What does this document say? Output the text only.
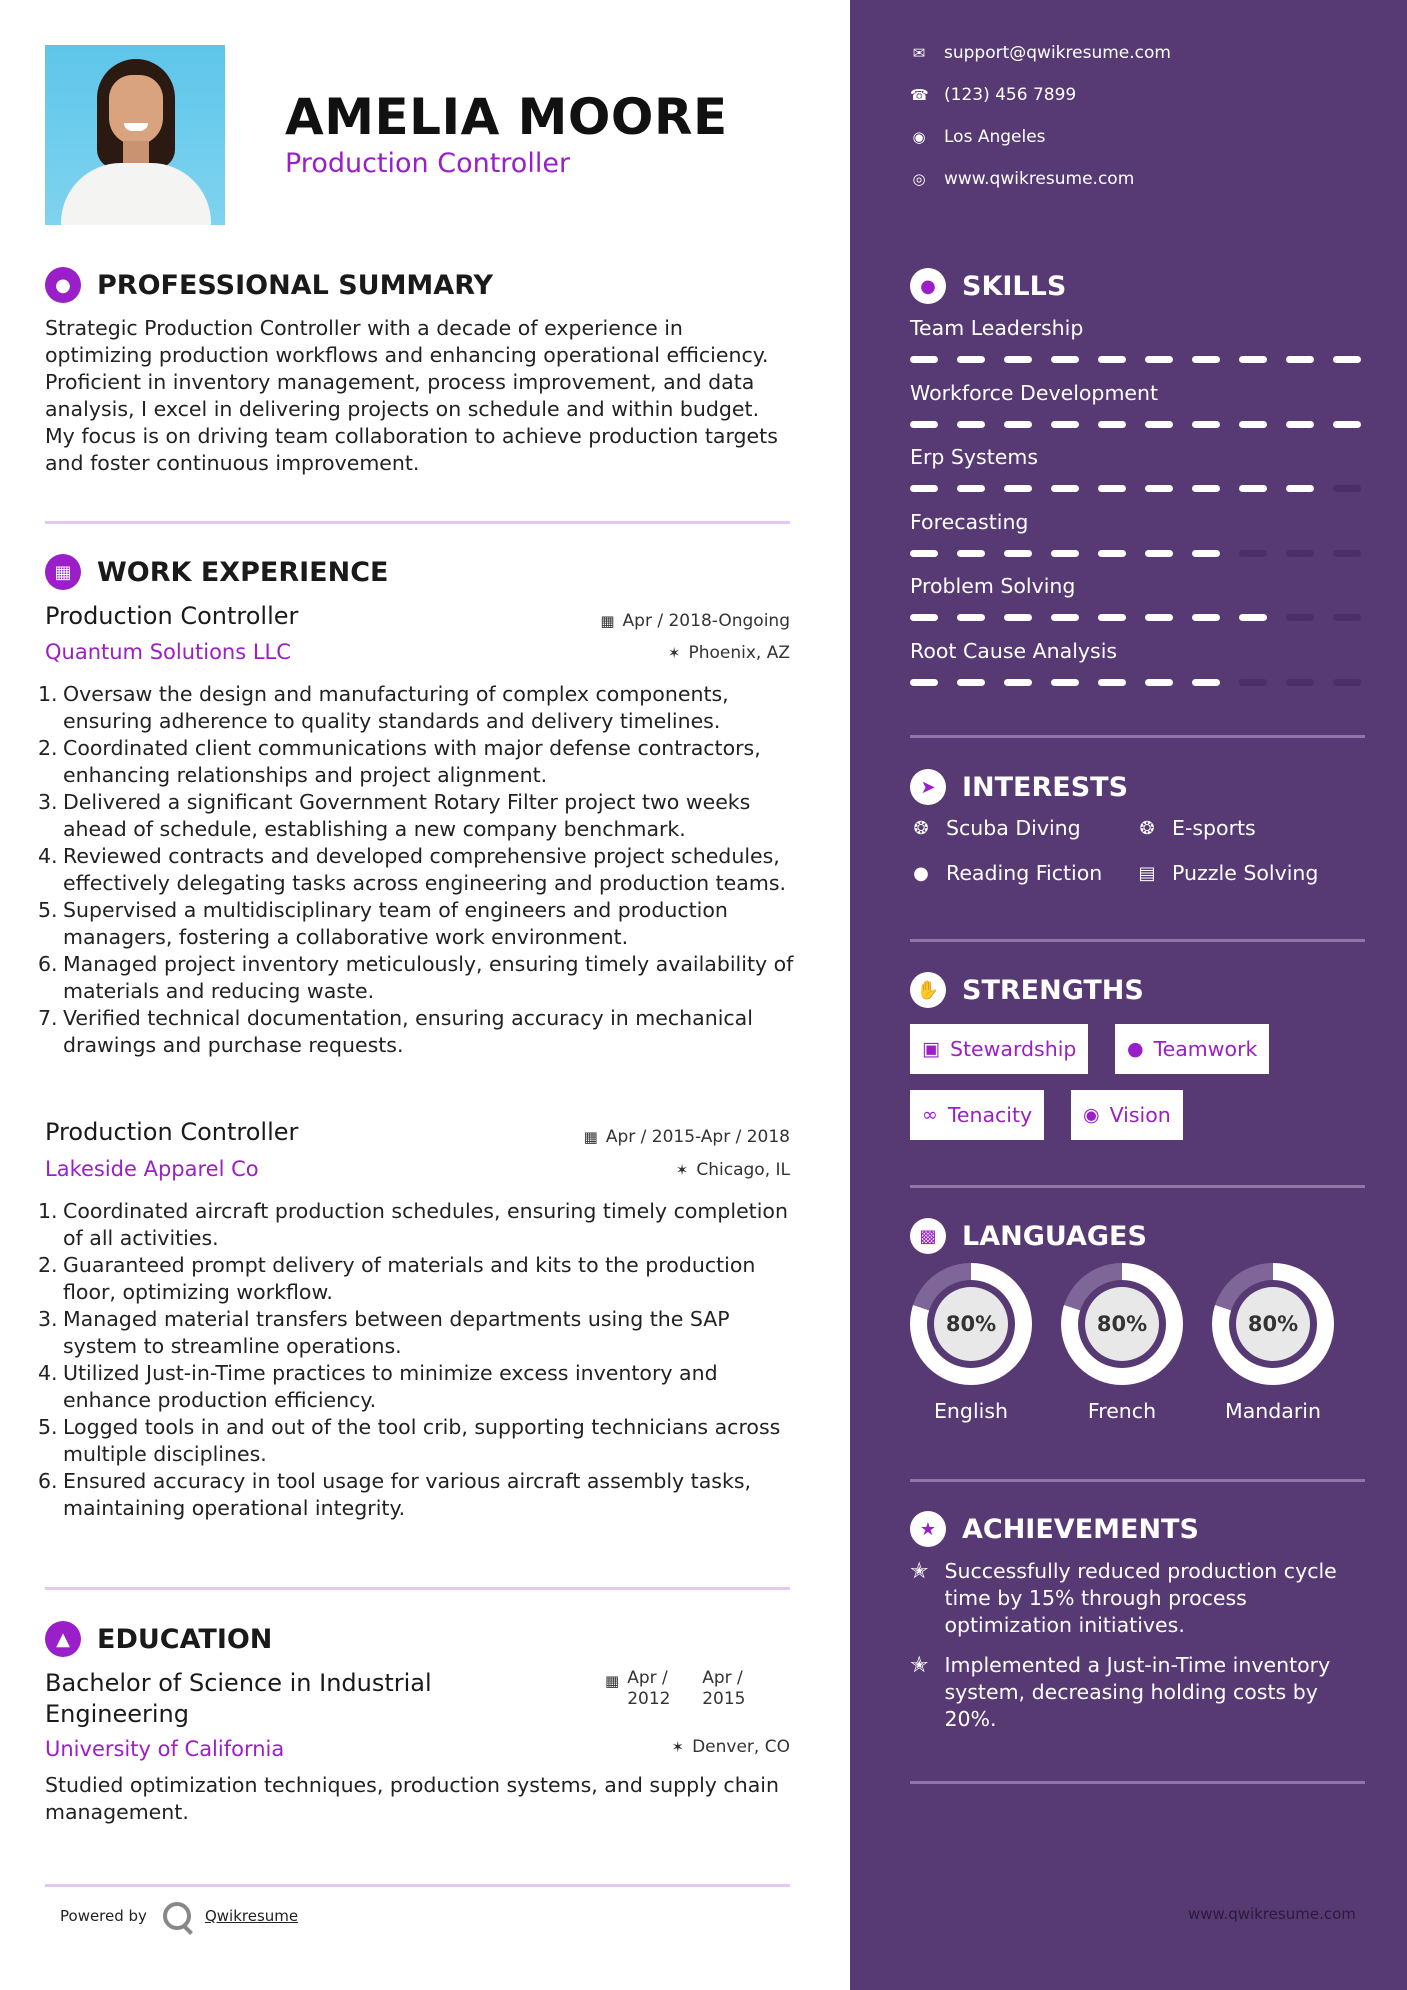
AMELIA MOORE
Production Controller
● PROFESSIONAL SUMMARY
Strategic Production Controller with a decade of experience in optimizing production workflows and enhancing operational efficiency. Proficient in inventory management, process improvement, and data analysis, I excel in delivering projects on schedule and within budget. My focus is on driving team collaboration to achieve production targets and foster continuous improvement.
▦ WORK EXPERIENCE
Production Controller	▦ Apr / 2018-Ongoing
Quantum Solutions LLC	✶ Phoenix, AZ
1. Oversaw the design and manufacturing of complex components, ensuring adherence to quality standards and delivery timelines.
2. Coordinated client communications with major defense contractors, enhancing relationships and project alignment.
3. Delivered a significant Government Rotary Filter project two weeks ahead of schedule, establishing a new company benchmark.
4. Reviewed contracts and developed comprehensive project schedules, effectively delegating tasks across engineering and production teams.
5. Supervised a multidisciplinary team of engineers and production managers, fostering a collaborative work environment.
6. Managed project inventory meticulously, ensuring timely availability of materials and reducing waste.
7. Verified technical documentation, ensuring accuracy in mechanical drawings and purchase requests.
Production Controller	▦ Apr / 2015-Apr / 2018
Lakeside Apparel Co	✶ Chicago, IL
1. Coordinated aircraft production schedules, ensuring timely completion of all activities.
2. Guaranteed prompt delivery of materials and kits to the production floor, optimizing workflow.
3. Managed material transfers between departments using the SAP system to streamline operations.
4. Utilized Just-in-Time practices to minimize excess inventory and enhance production efficiency.
5. Logged tools in and out of the tool crib, supporting technicians across multiple disciplines.
6. Ensured accuracy in tool usage for various aircraft assembly tasks, maintaining operational integrity.
▲	EDUCATION
Bachelor of Science in Industrial Engineering
▦ Apr / 2012
Apr / 2015
University of California	✶ Denver, CO
Studied optimization techniques, production systems, and supply chain management.
Powered by	Qwikresume
✉ support@qwikresume.com
☎ (123) 456 7899
◉ Los Angeles
◎ www.qwikresume.com
● SKILLS
Team Leadership
Workforce Development
Erp Systems
Forecasting
Problem Solving
Root Cause Analysis
➤ INTERESTS
❂ Scuba Diving	❂ E-sports
● Reading Fiction ▤ Puzzle Solving
✋ STRENGTHS
▣ Stewardship	● Teamwork
∞ Tenacity	◉ Vision
▩ LANGUAGES
80%
English
80%
French
80%
Mandarin
★ ACHIEVEMENTS
✭ Successfully reduced production cycle time by 15% through process optimization initiatives.
✭ Implemented a Just-in-Time inventory system, decreasing holding costs by 20%.
www.qwikresume.com
